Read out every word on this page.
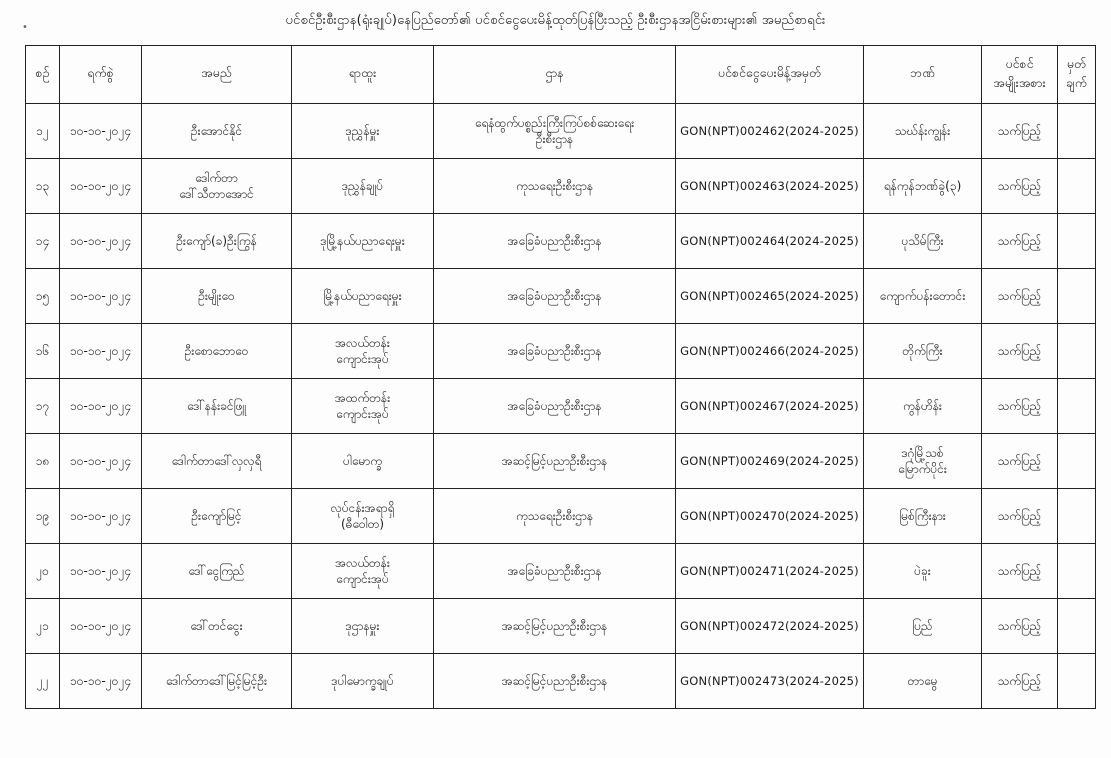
•	ပင်စင်ဦးစီးဌာန(ရုံးချုပ်)နေပြည်တော်၏ ပင်စင်ငွေပေးမိန့်ထုတ်ပြန်ပြီးသည့် ဦးစီးဌာနအငြိမ်းစားများ၏ အမည်စာရင်း
စဉ်	ရက်စွဲ	အမည်	ရာထူး	ဌာန	ပင်စင်ငွေပေးမိန့်အမှတ်	ဘဏ်	ပင်စင်
အမျိုးအစား	မှတ်
ချက်
၁၂	၁၀-၁၀-၂၀၂၄	ဦးအောင်နိုင်	ဒုညွှန်မှူး	ရေနံထွက်ပစ္စည်းကြီးကြပ်စစ်ဆေးရေး
ဦးစီးဌာန	GON(NPT)002462(2024-2025)	သဃ်န်းကျွန်း	သက်ပြည့်	
၁၃	၁၀-၁၀-၂၀၂၄	ဒေါက်တာ
ဒေါ်သီတာအောင်	ဒုညွှန်ချုပ်	ကုသရေးဦးစီးဌာန	GON(NPT)002463(2024-2025)	ရန်ကုန်ဘဏ်ခွဲ(၃)	သက်ပြည့်	
၁၄	၁၀-၁၀-၂၀၂၄	ဦးကျော်(ခ)ဦးကြွန်	ဒုမြို့နယ်ပညာရေးမှူး	အခြေခံပညာဦးစီးဌာန	GON(NPT)002464(2024-2025)	ပုသိမ်ကြီး	သက်ပြည့်	
၁၅	၁၀-၁၀-၂၀၂၄	ဦးမျိုးဝေ	မြို့နယ်ပညာရေးမှူး	အခြေခံပညာဦးစီးဌာန	GON(NPT)002465(2024-2025)	ကျောက်ပန်းတောင်း	သက်ပြည့်	
၁၆	၁၀-၁၀-၂၀၂၄	ဦးစောဘောဝေ	အလယ်တန်း
ကျောင်းအုပ်	အခြေခံပညာဦးစီးဌာန	GON(NPT)002466(2024-2025)	တိုက်ကြီး	သက်ပြည့်	
၁၇	၁၀-၁၀-၂၀၂၄	ဒေါ်နန်းခင်ဖြူ	အထက်တန်း
ကျောင်းအုပ်	အခြေခံပညာဦးစီးဌာန	GON(NPT)002467(2024-2025)	ကွန်ဟိန်း	သက်ပြည့်	
၁၈	၁၀-၁၀-၂၀၂၄	ဒေါက်တာဒေါ်လှလှရီ	ပါမောက္ခ	အဆင့်မြင့်ပညာဦးစီးဌာန	GON(NPT)002469(2024-2025)	ဒဂုံမြို့သစ်
မြောက်ပိုင်း	သက်ပြည့်	
၁၉	၁၀-၁၀-၂၀၂၄	ဦးကျော်မြင့်	လုပ်ငန်းအရာရှိ
(ဓီဝေါတ)	ကုသရေးဦးစီးဌာန	GON(NPT)002470(2024-2025)	မြစ်ကြီးနား	သက်ပြည့်	
၂၀	၁၀-၁၀-၂၀၂၄	ဒေါ်ငွေကြည်	အလယ်တန်း
ကျောင်းအုပ်	အခြေခံပညာဦးစီးဌာန	GON(NPT)002471(2024-2025)	ပဲခူး	သက်ပြည့်	
၂၁	၁၀-၁၀-၂၀၂၄	ဒေါ်တင်ငွေး	ဒုဌာနမှူး	အဆင့်မြင့်ပညာဦးစီးဌာန	GON(NPT)002472(2024-2025)	ပြည်	သက်ပြည့်	
၂၂	၁၀-၁၀-၂၀၂၄	ဒေါက်တာဒေါ်မြင့်မြင့်ဦး	ဒုပါမောက္ခချုပ်	အဆင့်မြင့်ပညာဦးစီးဌာန	GON(NPT)002473(2024-2025)	တာမွေ	သက်ပြည့်	
